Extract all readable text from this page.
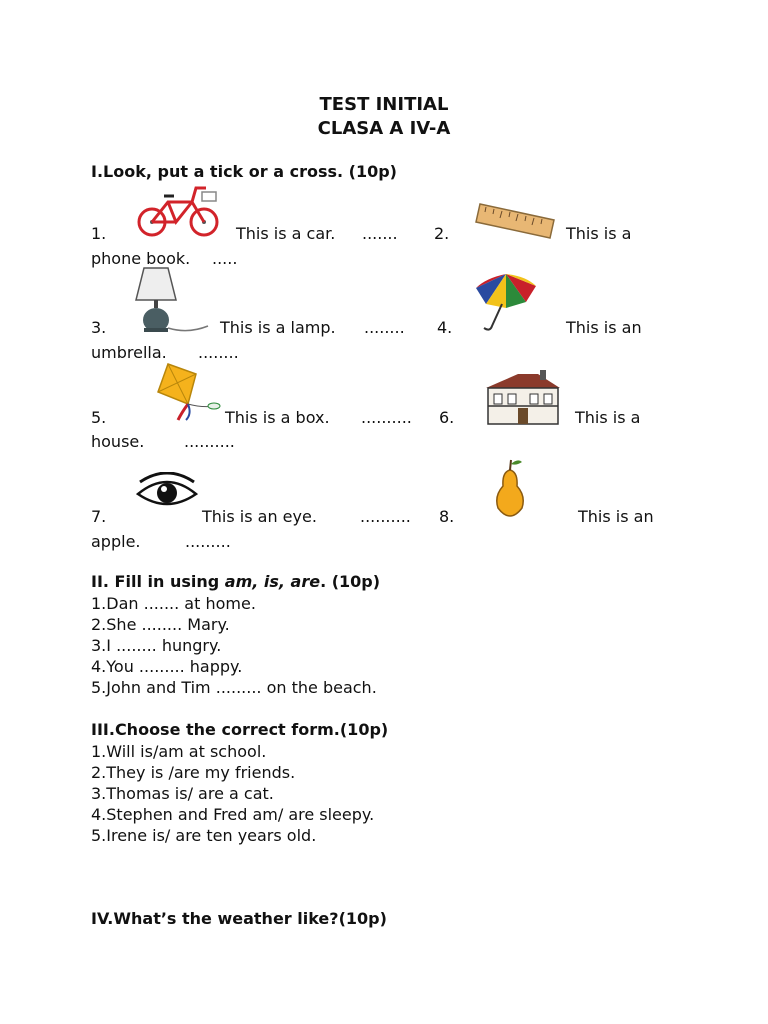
TEST INITIAL
CLASA A IV-A
I.Look, put a tick or a cross. (10p)
1.	This is a car. ....... 2.	This is a
phone book. .....
3.	This is a lamp. ........ 4.	This is an
umbrella. ........
5.	This is a box. .......... 6.	This is a
house. ..........
7.	This is an eye.	.......... 8.	This is an
apple.	.........
II. Fill in using am, is, are. (10p)
1.Dan ....... at home.
2.She ........ Mary.
3.I ........ hungry.
4.You ......... happy.
5.John and Tim ......... on the beach.
III.Choose the correct form.(10p)
1.Will is/am at school.
2.They is /are my friends.
3.Thomas is/ are a cat.
4.Stephen and Fred am/ are sleepy.
5.Irene is/ are ten years old.
IV.What’s the weather like?(10p)
